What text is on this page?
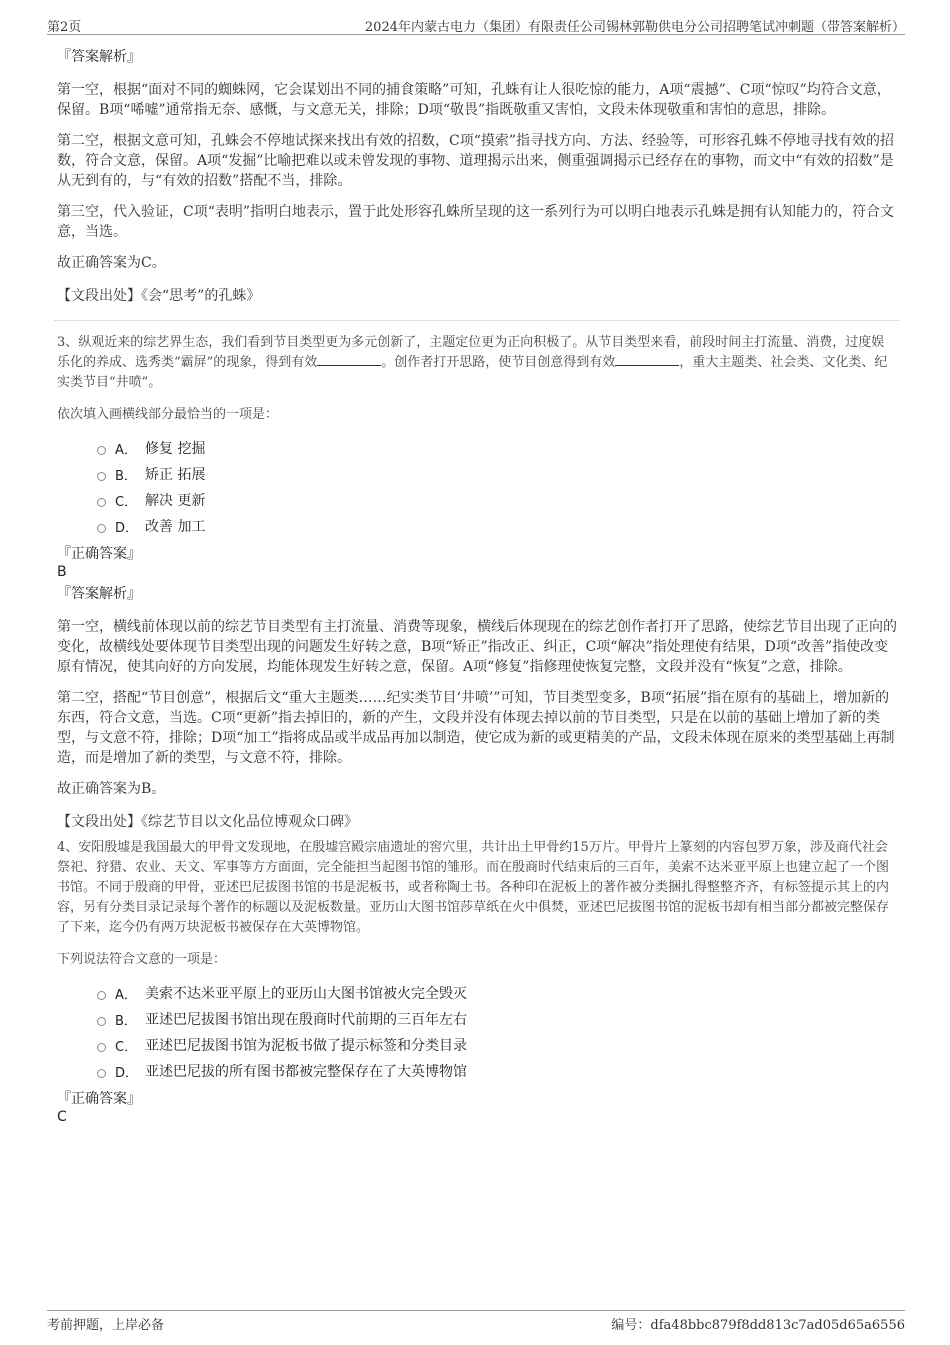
第2页	2024年内蒙古电力（集团）有限责任公司锡林郭勒供电分公司招聘笔试冲刺题（带答案解析）
『答案解析』

第一空，根据“面对不同的蜘蛛网，它会谋划出不同的捕食策略”可知，孔蛛有让人很吃惊的能力，A项“震撼”、C项“惊叹”均符合文意，保留。B项“唏嘘”通常指无奈、感慨，与文意无关，排除；D项“敬畏”指既敬重又害怕，文段未体现敬重和害怕的意思，排除。

第二空，根据文意可知，孔蛛会不停地试探来找出有效的招数，C项“摸索”指寻找方向、方法、经验等，可形容孔蛛不停地寻找有效的招数，符合文意，保留。A项“发掘”比喻把难以或未曾发现的事物、道理揭示出来，侧重强调揭示已经存在的事物，而文中“有效的招数”是从无到有的，与“有效的招数”搭配不当，排除。

第三空，代入验证，C项“表明”指明白地表示，置于此处形容孔蛛所呈现的这一系列行为可以明白地表示孔蛛是拥有认知能力的，符合文意，当选。

故正确答案为C。

【文段出处】《会“思考”的孔蛛》

3、纵观近来的综艺界生态，我们看到节目类型更为多元创新了，主题定位更为正向积极了。从节目类型来看，前段时间主打流量、消费，过度娱乐化的养成、选秀类“霸屏”的现象，得到有效	。创作者打开思路，使节目创意得到有效	，重大主题类、社会类、文化类、纪实类节目“井喷”。

依次填入画横线部分最恰当的一项是：

A． 修复 挖掘
B． 矫正 拓展
C． 解决 更新
D． 改善 加工
『正确答案』
B
『答案解析』

第一空，横线前体现以前的综艺节目类型有主打流量、消费等现象，横线后体现现在的综艺创作者打开了思路，使综艺节目出现了正向的变化，故横线处要体现节目类型出现的问题发生好转之意，B项“矫正”指改正、纠正，C项“解决”指处理使有结果，D项“改善”指使改变原有情况，使其向好的方向发展，均能体现发生好转之意，保留。A项“修复”指修理使恢复完整，文段并没有“恢复”之意，排除。

第二空，搭配“节目创意”，根据后文“重大主题类……纪实类节目‘井喷’”可知，节目类型变多，B项“拓展”指在原有的基础上，增加新的东西，符合文意，当选。C项“更新”指去掉旧的，新的产生，文段并没有体现去掉以前的节目类型，只是在以前的基础上增加了新的类型，与文意不符，排除；D项“加工”指将成品或半成品再加以制造，使它成为新的或更精美的产品，文段未体现在原来的类型基础上再制造，而是增加了新的类型，与文意不符，排除。

故正确答案为B。

【文段出处】《综艺节目以文化品位博观众口碑》

4、安阳殷墟是我国最大的甲骨文发现地，在殷墟宫殿宗庙遗址的窖穴里，共计出土甲骨约15万片。甲骨片上篆刻的内容包罗万象，涉及商代社会祭祀、狩猎、农业、天文、军事等方方面面，完全能担当起图书馆的雏形。而在殷商时代结束后的三百年，美索不达米亚平原上也建立起了一个图书馆。不同于殷商的甲骨，亚述巴尼拔图书馆的书是泥板书，或者称陶土书。各种印在泥板上的著作被分类捆扎得整整齐齐，有标签提示其上的内容，另有分类目录记录每个著作的标题以及泥板数量。亚历山大图书馆莎草纸在火中俱焚，亚述巴尼拔图书馆的泥板书却有相当部分都被完整保存了下来，迄今仍有两万块泥板书被保存在大英博物馆。

下列说法符合文意的一项是：

A． 美索不达米亚平原上的亚历山大图书馆被火完全毁灭
B． 亚述巴尼拔图书馆出现在殷商时代前期的三百年左右
C． 亚述巴尼拔图书馆为泥板书做了提示标签和分类目录
D． 亚述巴尼拔的所有图书都被完整保存在了大英博物馆
『正确答案』
C
考前押题，上岸必备	编号：dfa48bbc879f8dd813c7ad05d65a6556
